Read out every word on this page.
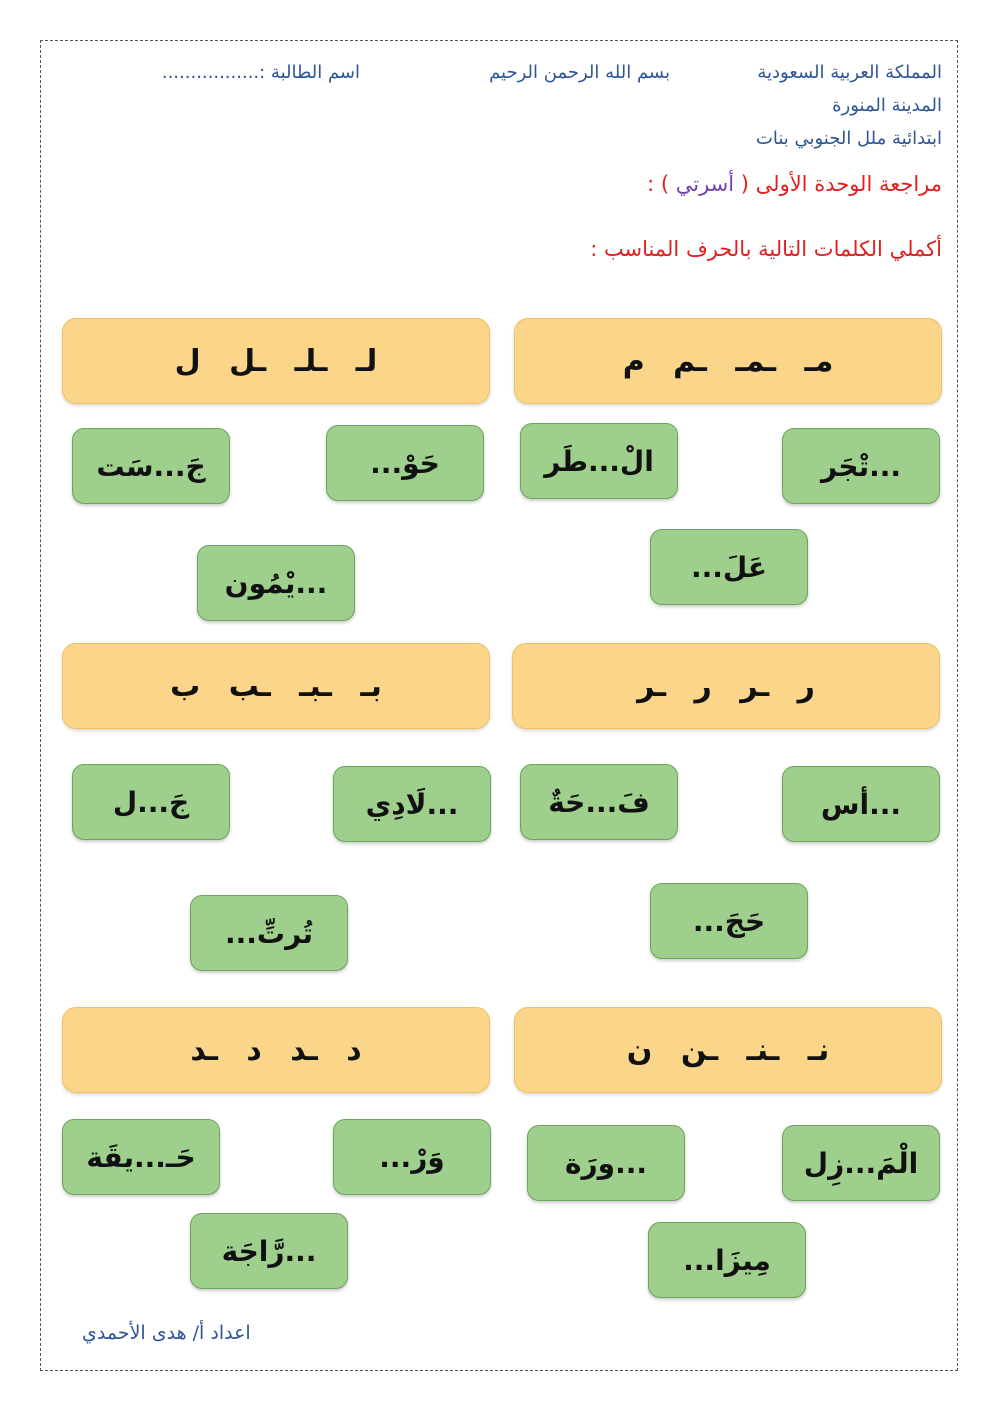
المملكة العربية السعودية
بسم الله الرحمن الرحيم
اسم الطالبة :.................
المدينة المنورة
ابتدائية ملل الجنوبي بنات
مراجعة الوحدة الأولى ( أسرتي ) :
أكملي الكلمات التالية بالحرف المناسب :
مـ ـمـ ـم م
...تْجَر
الْ...طَر
عَلَ...
لـ ـلـ ـل ل
حَوْ...
جَ...سَت
...يْمُون
ر ـر ر ـر
...أس
فَ...حَةٌ
حَجَ...
بـ ـبـ ـب ب
...لَادِي
جَ...ل
تُرتِّ...
نـ ـنـ ـن ن
الْمَ...زِل
...ورَة
مِيزَا...
د ـد د ـد
وَرْ...
حَـ...يقَة
...رَّاجَة
اعداد أ/ هدى الأحمدي
